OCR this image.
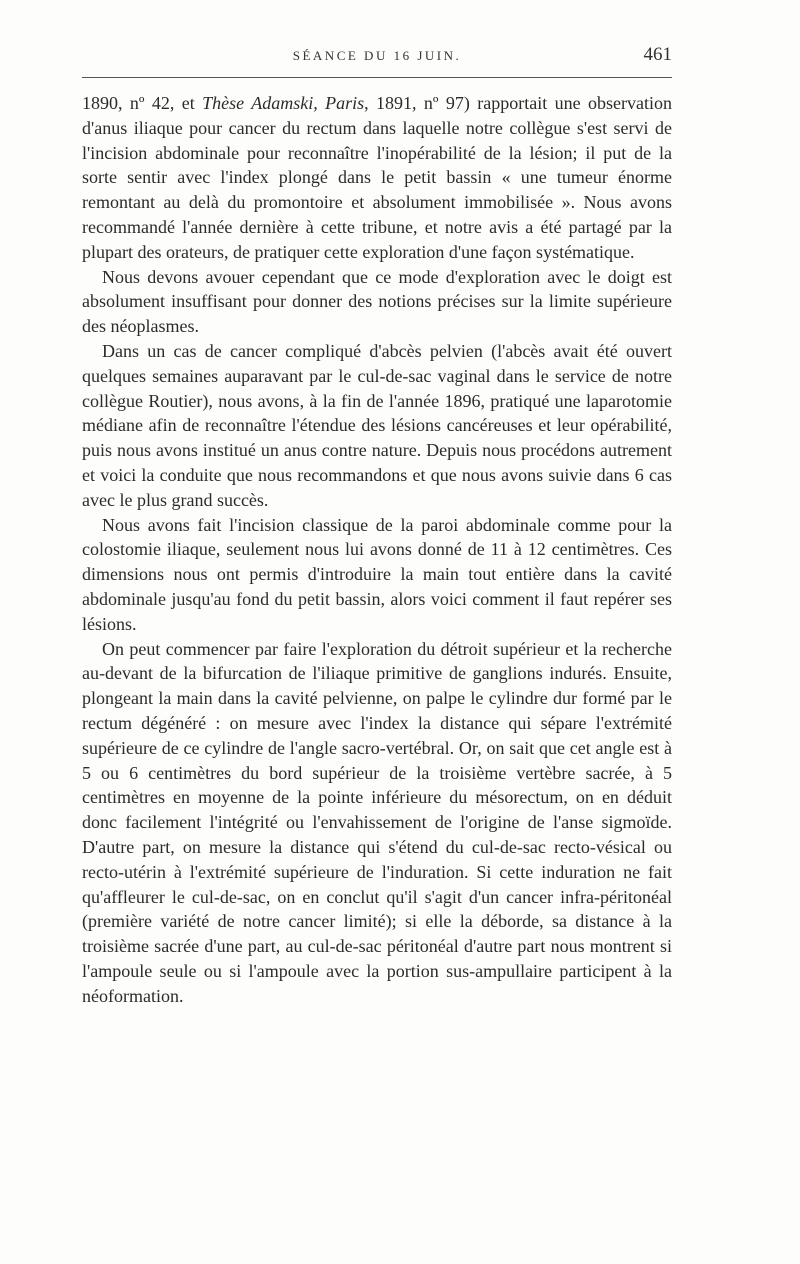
SÉANCE DU 16 JUIN.	461

1890, nº 42, et Thèse Adamski, Paris, 1891, nº 97) rapportait une observation d'anus iliaque pour cancer du rectum dans laquelle notre collègue s'est servi de l'incision abdominale pour reconnaître l'inopérabilité de la lésion; il put de la sorte sentir avec l'index plongé dans le petit bassin « une tumeur énorme remontant au delà du promontoire et absolument immobilisée ». Nous avons recommandé l'année dernière à cette tribune, et notre avis a été partagé par la plupart des orateurs, de pratiquer cette exploration d'une façon systématique.

Nous devons avouer cependant que ce mode d'exploration avec le doigt est absolument insuffisant pour donner des notions précises sur la limite supérieure des néoplasmes.

Dans un cas de cancer compliqué d'abcès pelvien (l'abcès avait été ouvert quelques semaines auparavant par le cul-de-sac vaginal dans le service de notre collègue Routier), nous avons, à la fin de l'année 1896, pratiqué une laparotomie médiane afin de reconnaître l'étendue des lésions cancéreuses et leur opérabilité, puis nous avons institué un anus contre nature. Depuis nous procédons autrement et voici la conduite que nous recommandons et que nous avons suivie dans 6 cas avec le plus grand succès.

Nous avons fait l'incision classique de la paroi abdominale comme pour la colostomie iliaque, seulement nous lui avons donné de 11 à 12 centimètres. Ces dimensions nous ont permis d'introduire la main tout entière dans la cavité abdominale jusqu'au fond du petit bassin, alors voici comment il faut repérer ses lésions.

On peut commencer par faire l'exploration du détroit supérieur et la recherche au-devant de la bifurcation de l'iliaque primitive de ganglions indurés. Ensuite, plongeant la main dans la cavité pelvienne, on palpe le cylindre dur formé par le rectum dégénéré : on mesure avec l'index la distance qui sépare l'extrémité supérieure de ce cylindre de l'angle sacro-vertébral. Or, on sait que cet angle est à 5 ou 6 centimètres du bord supérieur de la troisième vertèbre sacrée, à 5 centimètres en moyenne de la pointe inférieure du mésorectum, on en déduit donc facilement l'intégrité ou l'envahissement de l'origine de l'anse sigmoïde. D'autre part, on mesure la distance qui s'étend du cul-de-sac recto-vésical ou recto-utérin à l'extrémité supérieure de l'induration. Si cette induration ne fait qu'affleurer le cul-de-sac, on en conclut qu'il s'agit d'un cancer infra-péritonéal (première variété de notre cancer limité); si elle la déborde, sa distance à la troisième sacrée d'une part, au cul-de-sac péritonéal d'autre part nous montrent si l'ampoule seule ou si l'ampoule avec la portion sus-ampullaire participent à la néoformation.
